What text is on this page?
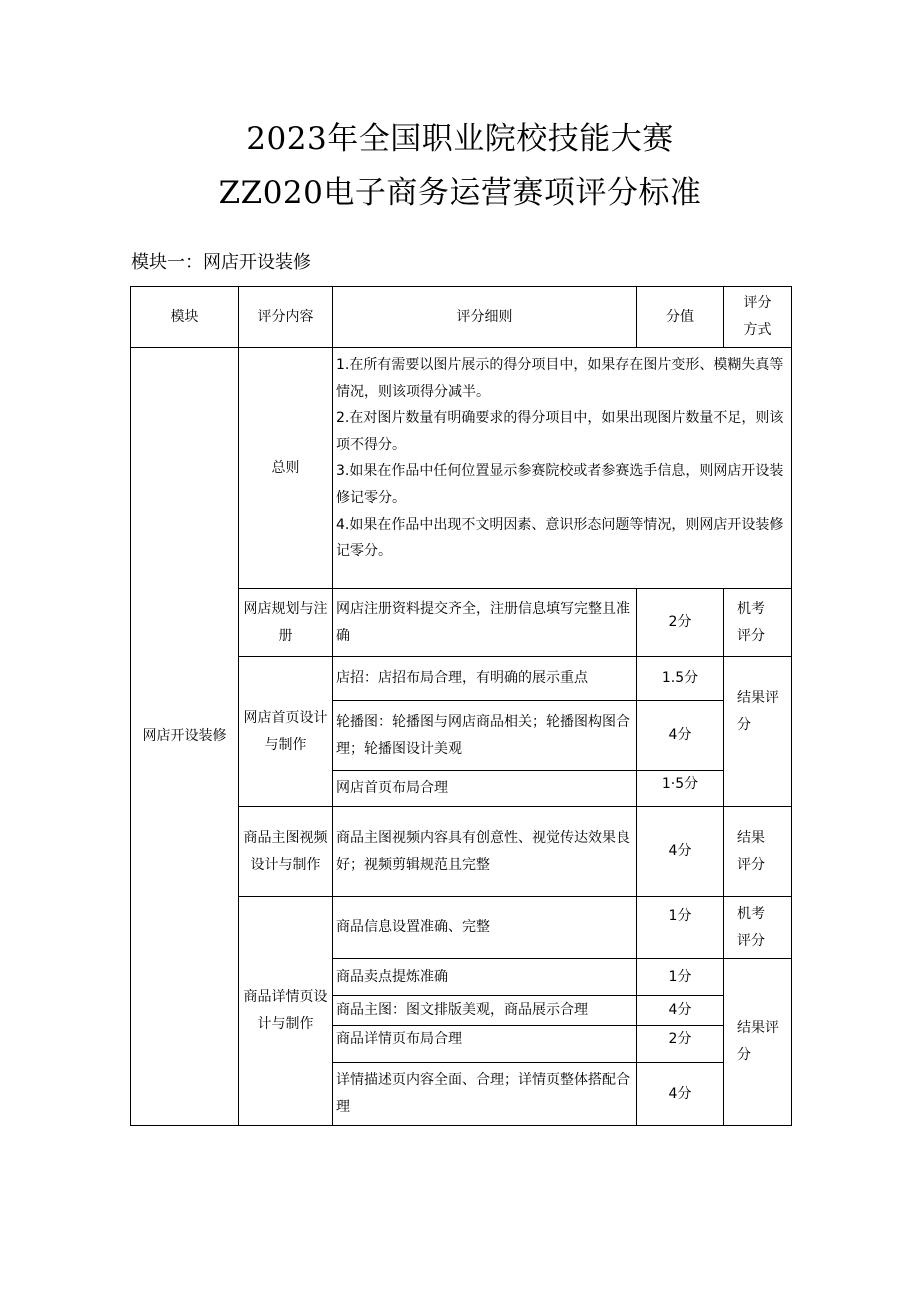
2023年全国职业院校技能大赛
ZZ020电子商务运营赛项评分标准
模块一：网店开设装修
模块	评分内容	评分细则	分值	评分
方式
网店开设装修	总则	1.在所有需要以图片展示的得分项目中，如果存在图片变形、模糊失真等情况，则该项得分减半。
2.在对图片数量有明确要求的得分项目中，如果出现图片数量不足，则该项不得分。
3.如果在作品中任何位置显示参赛院校或者参赛选手信息，则网店开设装修记零分。
4.如果在作品中出现不文明因素、意识形态问题等情况，则网店开设装修记零分。		

	网店规划与注册	网店注册资料提交齐全，注册信息填写完整且准确	2分	机考
评分
	网店首页设计与制作	店招：店招布局合理，有明确的展示重点	1.5分	结果评
分
		轮播图：轮播图与网店商品相关；轮播图构图合理；轮播图设计美观	4分	
		网店首页布局合理	1·5分	
	商品主图视频设计与制作	商品主图视频内容具有创意性、视觉传达效果良好；视频剪辑规范且完整	4分	结果
评分
	商品详情页设计与制作	商品信息设置准确、完整	1分	机考
评分
		商品卖点提炼准确	1分	结果评
分
		商品主图：图文排版美观，商品展示合理	4分	
		商品详情页布局合理	2分	
		详情描述页内容全面、合理；详情页整体搭配合理	4分	
